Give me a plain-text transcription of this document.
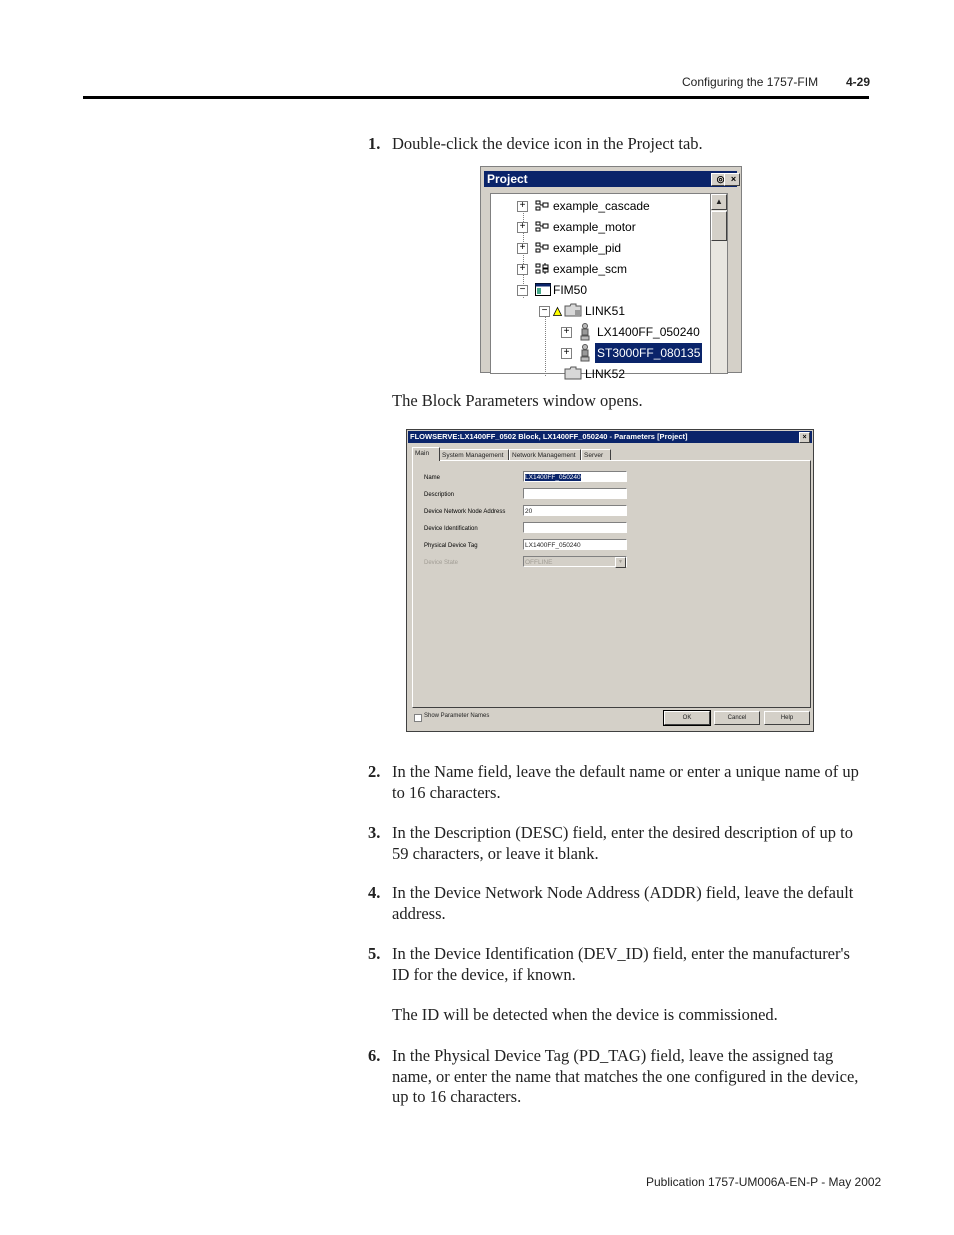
Configuring the 1757-FIM 4-29
1. Double-click the device icon in the Project tab.
Project	◎ ×
+ example_cascade
+ example_motor
+ example_pid
+ example_scm
− FIM50
−	LINK51
+ LX1400FF_050240
+ ST3000FF_080135
LINK52
▲
The Block Parameters window opens.
FLOWSERVE:LX1400FF_0502 Block, LX1400FF_050240 - Parameters [Project]	×
Main	System Management	Network Management	Server
Name	LX1400FF_050240
Description
Device Network Node Address	20
Device Identification
Physical Device Tag	LX1400FF_050240
Device State	OFFLINE	▼
Show Parameter Names	OK	Cancel	Help
2. In the Name field, leave the default name or enter a unique name of up to 16 characters.
3. In the Description (DESC) field, enter the desired description of up to 59 characters, or leave it blank.
4. In the Device Network Node Address (ADDR) field, leave the default address.
5. In the Device Identification (DEV_ID) field, enter the manufacturer's ID for the device, if known.
The ID will be detected when the device is commissioned.
6. In the Physical Device Tag (PD_TAG) field, leave the assigned tag name, or enter the name that matches the one configured in the device, up to 16 characters.
Publication 1757-UM006A-EN-P - May 2002
